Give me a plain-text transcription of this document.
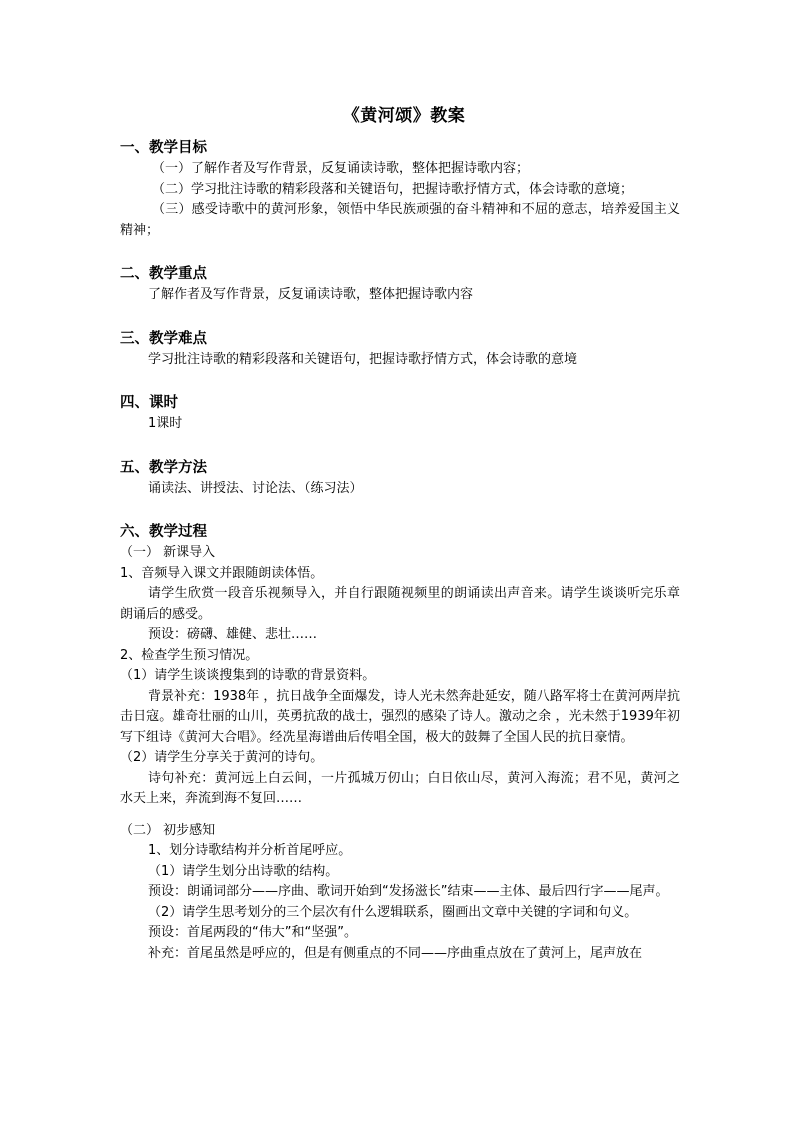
《黄河颂》教案
一、教学目标

（一）了解作者及写作背景，反复诵读诗歌，整体把握诗歌内容；

（二）学习批注诗歌的精彩段落和关键语句，把握诗歌抒情方式，体会诗歌的意境；

（三）感受诗歌中的黄河形象，领悟中华民族顽强的奋斗精神和不屈的意志，培养爱国主义精神；

二、教学重点

了解作者及写作背景，反复诵读诗歌，整体把握诗歌内容

三、教学难点

学习批注诗歌的精彩段落和关键语句，把握诗歌抒情方式，体会诗歌的意境

四、课时

1课时

五、教学方法

诵读法、讲授法、讨论法、（练习法）

六、教学过程

（一） 新课导入

1、音频导入课文并跟随朗读体悟。

请学生欣赏一段音乐视频导入，并自行跟随视频里的朗诵读出声音来。请学生谈谈听完乐章朗诵后的感受。

预设：磅礴、雄健、悲壮……

2、检查学生预习情况。

（1）请学生谈谈搜集到的诗歌的背景资料。

背景补充：1938年 ，抗日战争全面爆发，诗人光未然奔赴延安，随八路军将士在黄河两岸抗击日寇。雄奇壮丽的山川，英勇抗敌的战士，强烈的感染了诗人。激动之余 ，光未然于1939年初写下组诗《黄河大合唱》。经冼星海谱曲后传唱全国，极大的鼓舞了全国人民的抗日豪情。

（2）请学生分享关于黄河的诗句。

诗句补充：黄河远上白云间，一片孤城万仞山；白日依山尽，黄河入海流；君不见，黄河之水天上来，奔流到海不复回……

（二） 初步感知

1、划分诗歌结构并分析首尾呼应。

（1）请学生划分出诗歌的结构。

预设：朗诵词部分——序曲、歌词开始到“发扬滋长”结束——主体、最后四行字——尾声。

（2）请学生思考划分的三个层次有什么逻辑联系，圈画出文章中关键的字词和句义。

预设：首尾两段的“伟大”和“坚强”。

补充：首尾虽然是呼应的，但是有侧重点的不同——序曲重点放在了黄河上，尾声放在
